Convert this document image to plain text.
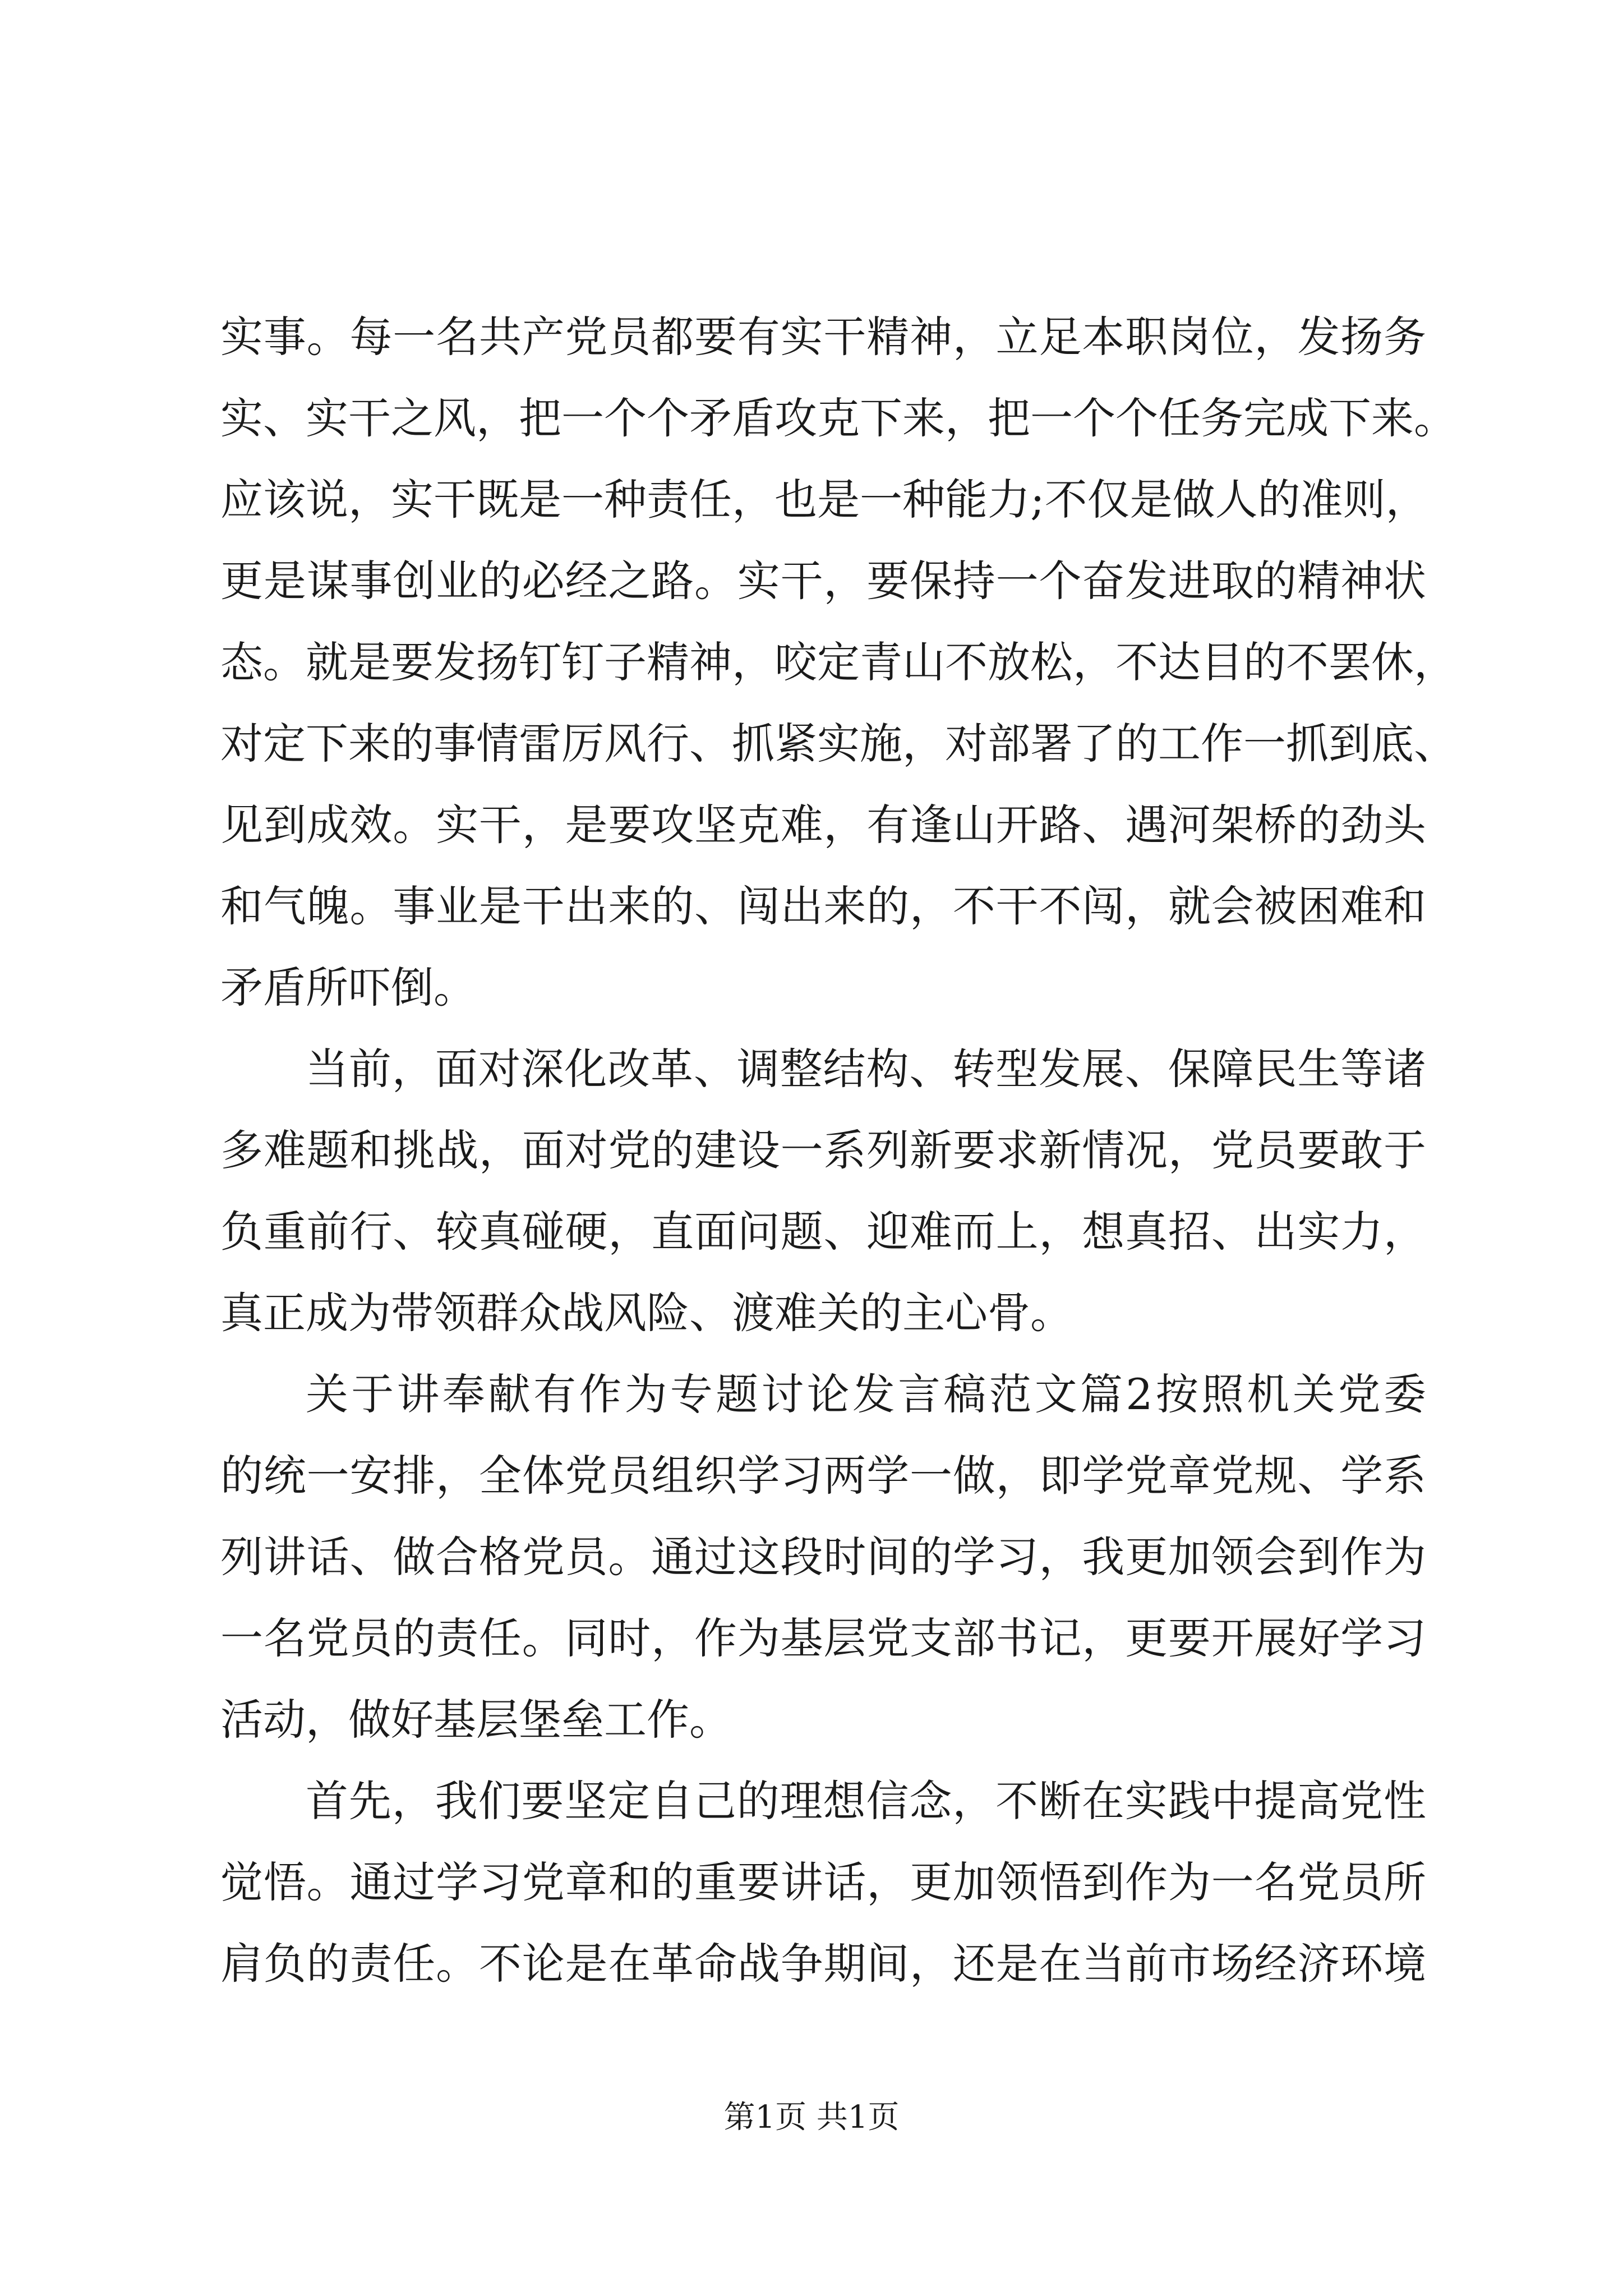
实事。每一名共产党员都要有实干精神，立足本职岗位，发扬务
实、实干之风，把一个个矛盾攻克下来，把一个个任务完成下来。
应该说，实干既是一种责任，也是一种能力;不仅是做人的准则，
更是谋事创业的必经之路。实干，要保持一个奋发进取的精神状
态。就是要发扬钉钉子精神，咬定青山不放松，不达目的不罢休，
对定下来的事情雷厉风行、抓紧实施，对部署了的工作一抓到底、
见到成效。实干，是要攻坚克难，有逢山开路、遇河架桥的劲头
和气魄。事业是干出来的、闯出来的，不干不闯，就会被困难和
矛盾所吓倒。
当前，面对深化改革、调整结构、转型发展、保障民生等诸
多难题和挑战，面对党的建设一系列新要求新情况，党员要敢于
负重前行、较真碰硬，直面问题、迎难而上，想真招、出实力，
真正成为带领群众战风险、渡难关的主心骨。
关于讲奉献有作为专题讨论发言稿范文篇2按照机关党委
的统一安排，全体党员组织学习两学一做，即学党章党规、学系
列讲话、做合格党员。通过这段时间的学习，我更加领会到作为
一名党员的责任。同时，作为基层党支部书记，更要开展好学习
活动，做好基层堡垒工作。
首先，我们要坚定自己的理想信念，不断在实践中提高党性
觉悟。通过学习党章和的重要讲话，更加领悟到作为一名党员所
肩负的责任。不论是在革命战争期间，还是在当前市场经济环境
第1页 共1页
